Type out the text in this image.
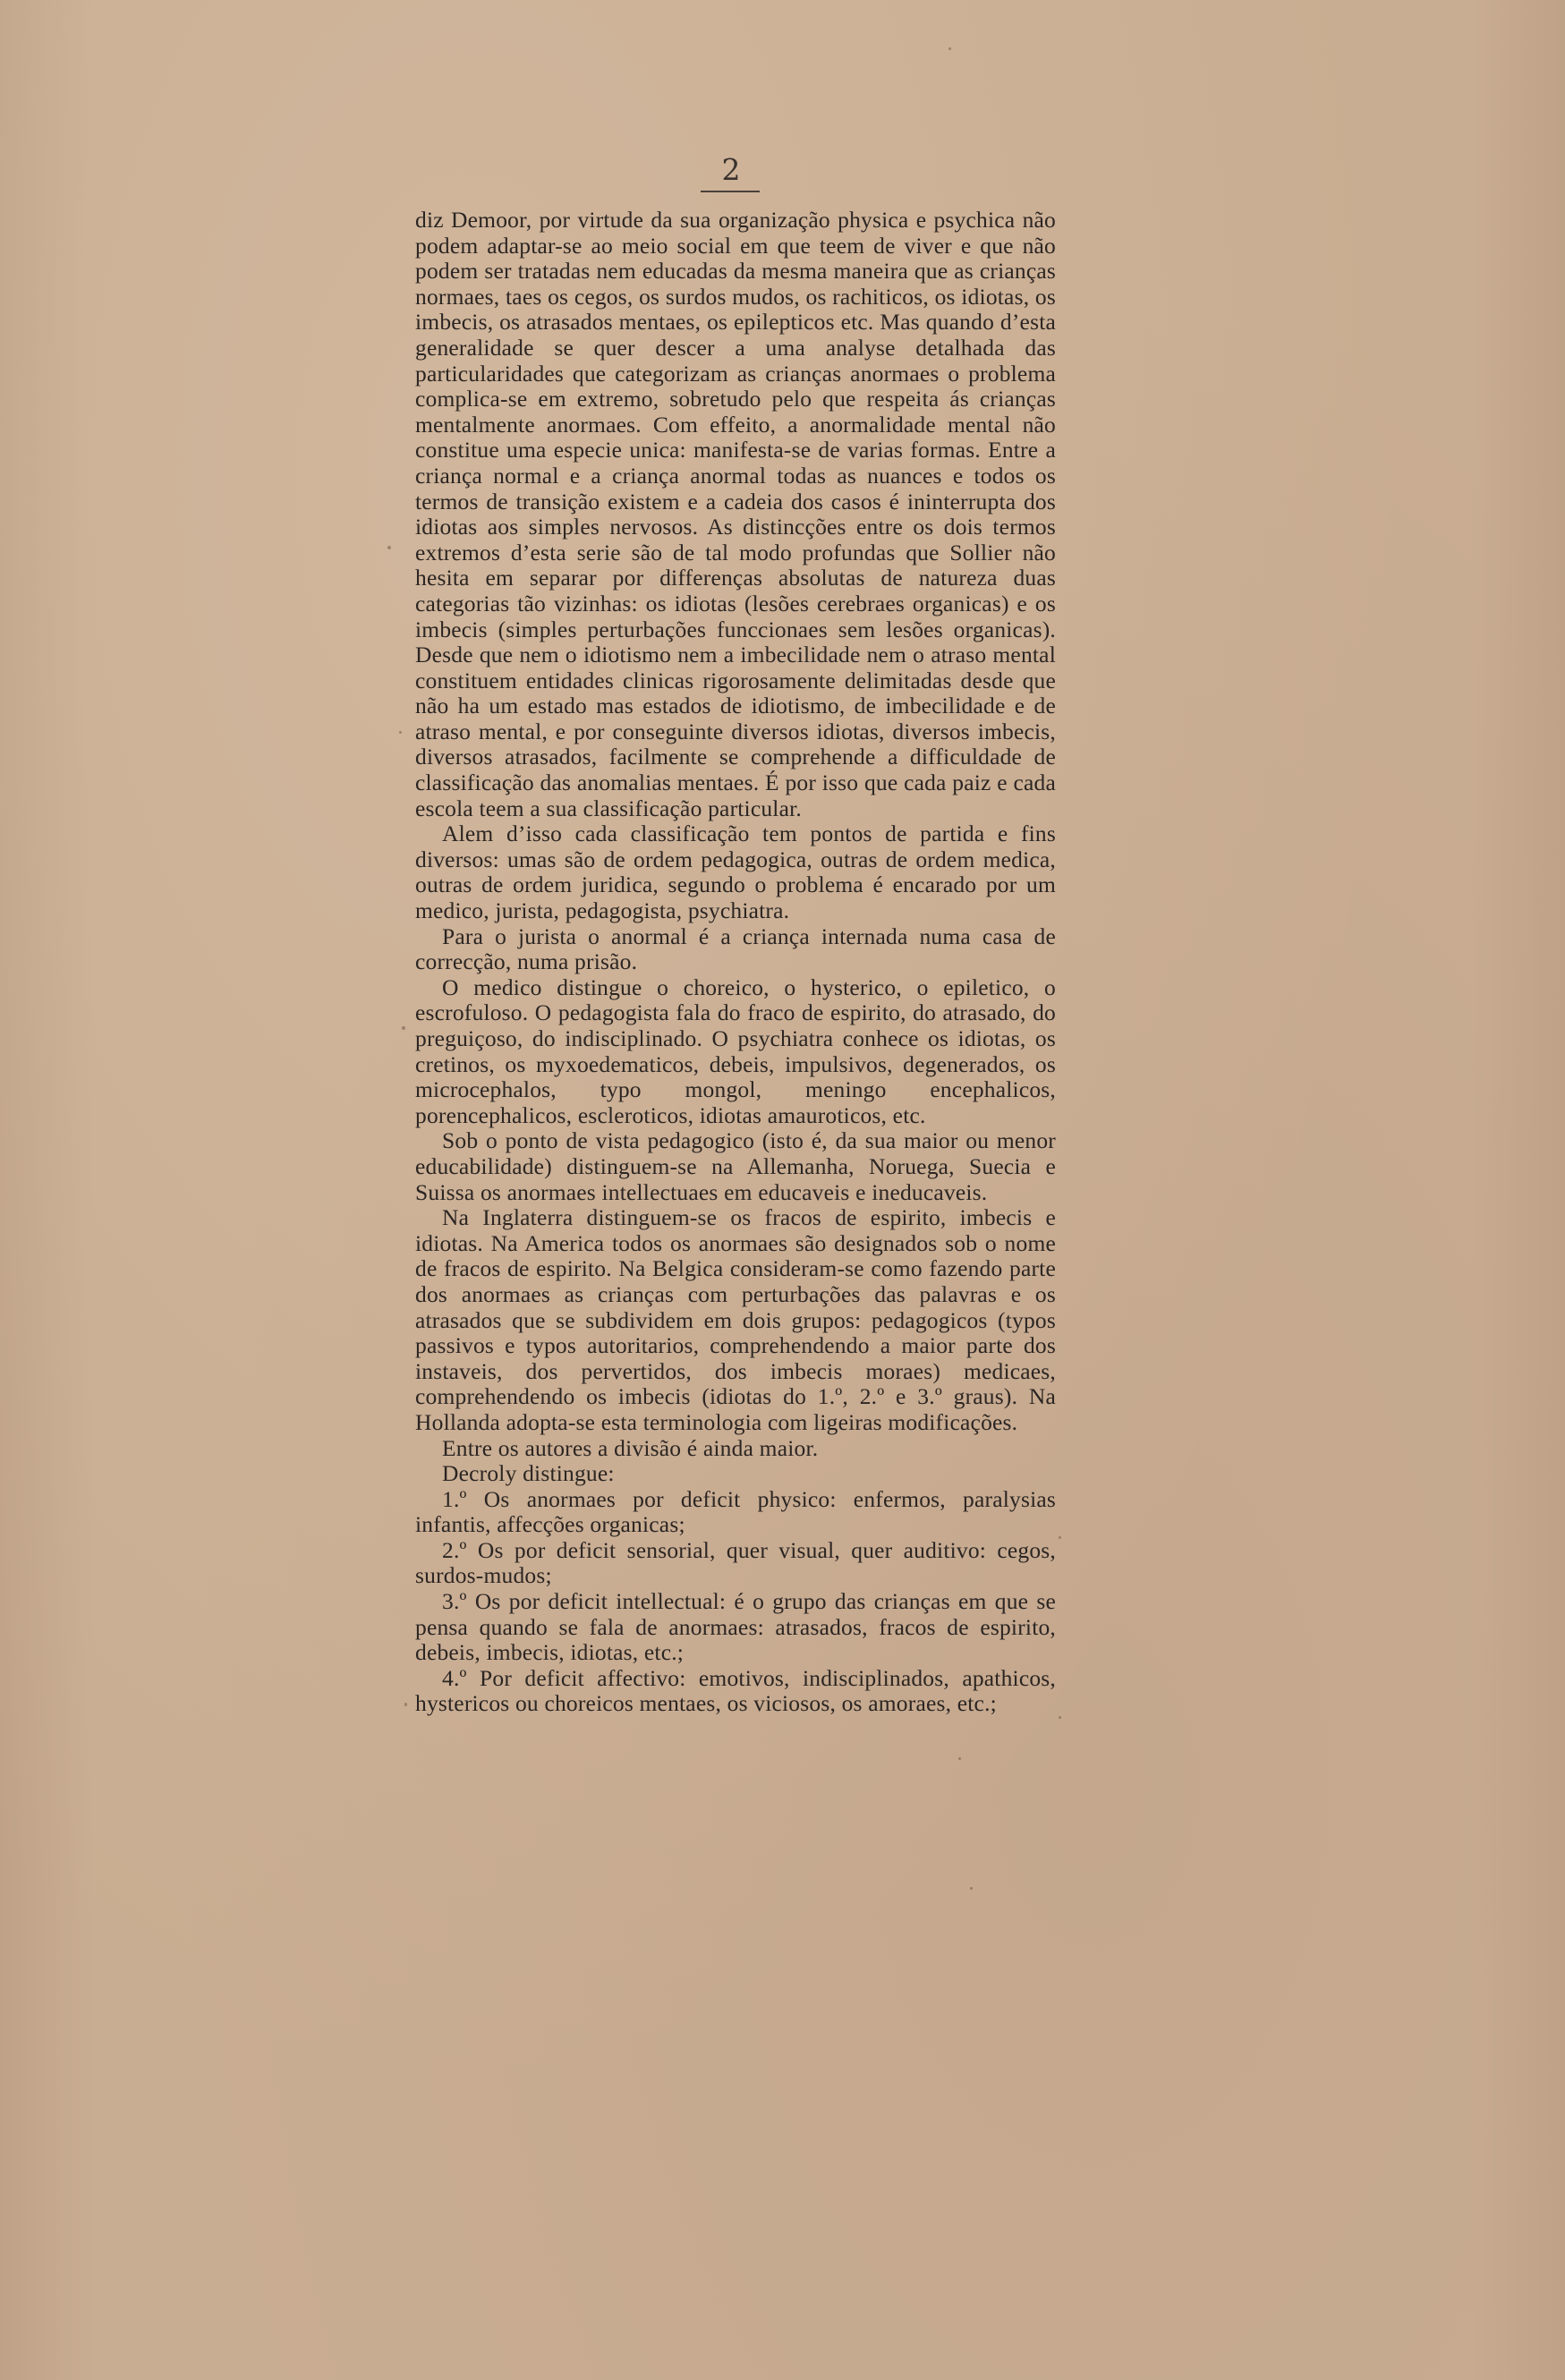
2

diz Demoor, por virtude da sua organização physica e psychica não podem adaptar-se ao meio social em que teem de viver e que não podem ser tratadas nem educadas da mesma maneira que as crianças normaes, taes os cegos, os surdos mudos, os rachiticos, os idiotas, os imbecis, os atrasados mentaes, os epilepticos etc. Mas quando d’esta generalidade se quer descer a uma analyse detalhada das particularidades que categorizam as crianças anormaes o problema complica-se em extremo, sobretudo pelo que respeita ás crianças mentalmente anormaes. Com effeito, a anormalidade mental não constitue uma especie unica: manifesta-se de varias formas. Entre a criança normal e a criança anormal todas as nuances e todos os termos de transição existem e a cadeia dos casos é ininterrupta dos idiotas aos simples nervosos. As distincções entre os dois termos extremos d’esta serie são de tal modo profundas que Sollier não hesita em separar por differenças absolutas de natureza duas categorias tão vizinhas: os idiotas (lesões cerebraes organicas) e os imbecis (simples perturbações funccionaes sem lesões organicas). Desde que nem o idiotismo nem a imbecilidade nem o atraso mental constituem entidades clinicas rigorosamente delimitadas desde que não ha um estado mas estados de idiotismo, de imbecilidade e de atraso mental, e por conseguinte diversos idiotas, diversos imbecis, diversos atrasados, facilmente se comprehende a difficuldade de classificação das anomalias mentaes. É por isso que cada paiz e cada escola teem a sua classificação particular.

Alem d’isso cada classificação tem pontos de partida e fins diversos: umas são de ordem pedagogica, outras de ordem medica, outras de ordem juridica, segundo o problema é encarado por um medico, jurista, pedagogista, psychiatra.

Para o jurista o anormal é a criança internada numa casa de correcção, numa prisão.

O medico distingue o choreico, o hysterico, o epiletico, o escrofuloso. O pedagogista fala do fraco de espirito, do atrasado, do preguiçoso, do indisciplinado. O psychiatra conhece os idiotas, os cretinos, os myxoedematicos, debeis, impulsivos, degenerados, os microcephalos, typo mongol, meningo encephalicos, porencephalicos, escleroticos, idiotas amauroticos, etc.

Sob o ponto de vista pedagogico (isto é, da sua maior ou menor educabilidade) distinguem-se na Allemanha, Noruega, Suecia e Suissa os anormaes intellectuaes em educaveis e ineducaveis.

Na Inglaterra distinguem-se os fracos de espirito, imbecis e idiotas. Na America todos os anormaes são designados sob o nome de fracos de espirito. Na Belgica consideram-se como fazendo parte dos anormaes as crianças com perturbações das palavras e os atrasados que se subdividem em dois grupos: pedagogicos (typos passivos e typos autoritarios, comprehendendo a maior parte dos instaveis, dos pervertidos, dos imbecis moraes) medicaes, comprehendendo os imbecis (idiotas do 1.º, 2.º e 3.º graus). Na Hollanda adopta-se esta terminologia com ligeiras modificações.

Entre os autores a divisão é ainda maior.

Decroly distingue:

1.º Os anormaes por deficit physico: enfermos, paralysias infantis, affecções organicas;

2.º Os por deficit sensorial, quer visual, quer auditivo: cegos, surdos-mudos;

3.º Os por deficit intellectual: é o grupo das crianças em que se pensa quando se fala de anormaes: atrasados, fracos de espirito, debeis, imbecis, idiotas, etc.;

4.º Por deficit affectivo: emotivos, indisciplinados, apathicos, hystericos ou choreicos mentaes, os viciosos, os amoraes, etc.;
